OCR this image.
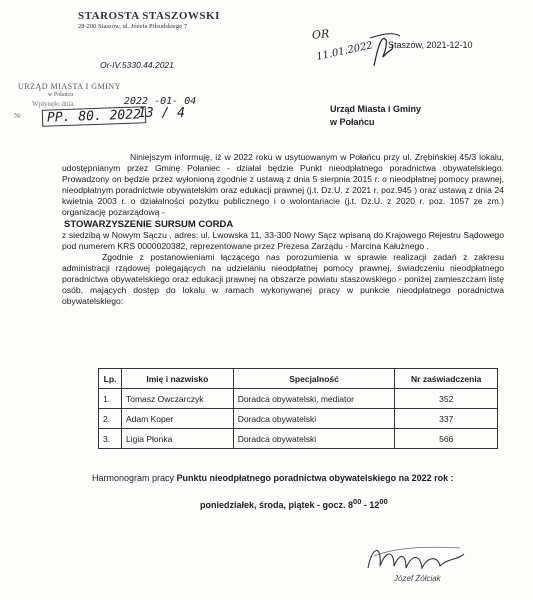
STAROSTA STASZOWSKI
28-200 Staszów, ul. Józefa Piłsudskiego 7
Or-IV.5330.44.2021
URZĄD MIASTA I GMINY
w Połańcu
Wpłynęło dnia
Nr
2022 -01- 04
PP. 80. 2022
13 / 4
OR
11.01.2022 Staszów, 2021-12-10
Urząd Miasta i Gminy
w Połańcu

Niniejszym informuję, iż w 2022 roku w usytuowanym w Połańcu przy ul. Zrębińskiej 45/3 lokalu, udostępnianym przez Gminę Połaniec - działał będzie Punkt nieodpłatnego poradnictwa obywatelskiego. Prowadzony on będzie przez wyłonioną zgodnie z ustawą z dnia 5 sierpnia 2015 r. o nieodpłatnej pomocy prawnej, nieodpłatnym poradnictwie obywatelskim oraz edukacji prawnej (j.t. Dz.U. z 2021 r. poz.945 ) oraz ustawą z dnia 24 kwietnia 2003 r. o działalności pożytku publicznego i o wolontariacie (j.t. Dz.U. z 2020 r. poz. 1057 ze zm.) organizację pozarządową -

STOWARZYSZENIE SURSUM CORDA

z siedzibą w Nowym Sączu , adres: ul. Lwowska 11, 33-300 Nowy Sącz wpisaną do Krajowego Rejestru Sądowego pod numerem KRS 0000020382, reprezentowane przez Prezesa Zarządu - Marcina Kałużnego .

Zgodnie z postanowieniami łączącego nas porozumienia w sprawie realizacji zadań z zakresu administracji rządowej polegających na udzielaniu nieodpłatnej pomocy prawnej, świadczeniu nieodpłatnego poradnictwa obywatelskiego oraz edukacji prawnej na obszarze powiatu staszowskiego - poniżej zamieszczam listę osób, mających dostęp do lokalu w ramach wykonywanej pracy w punkcie nieodpłatnego poradnictwa obywatelskiego:

Lp.	Imię i nazwisko	Specjalność	Nr zaświadczenia
1.	Tomasz Owczarczyk	Doradca obywatelski, mediator	352
2.	Adam Koper	Doradca obywatelski	337
3.	Ligia Płonka	Doradca obywatelski	566
Harmonogram pracy Punktu nieodpłatnego poradnictwa obywatelskiego na 2022 rok :
poniedziałek, środa, piątek - gocz. $8^{00} - 12^{00}$
Józef Żółciak
